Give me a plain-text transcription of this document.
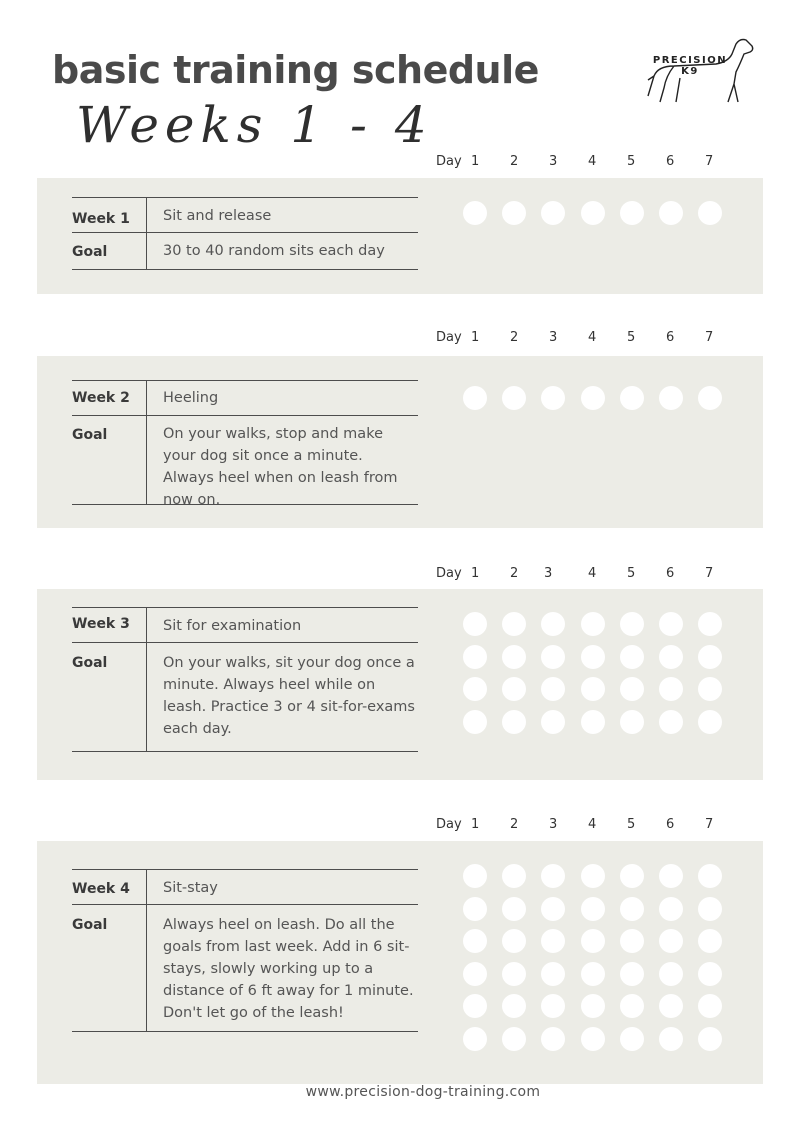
basic training schedule
Weeks 1 - 4
PRECISION K9
Day 1 2 3 4 5 6 7
Week 1	Sit and release
Goal	30 to 40 random sits each day
Day 1 2 3 4 5 6 7
Week 2	Heeling
Goal	On your walks, stop and make your dog sit once a minute. Always heel when on leash from now on.
Day 1 2 3	4 5 6 7
Week 3	Sit for examination
Goal	On your walks, sit your dog once a minute. Always heel while on leash. Practice 3 or 4 sit-for-exams each day.
Day 1 2 3 4 5 6 7
Week 4	Sit-stay
Goal	Always heel on leash. Do all the goals from last week. Add in 6 sit-stays, slowly working up to a distance of 6 ft away for 1 minute. Don't let go of the leash!
www.precision-dog-training.com
